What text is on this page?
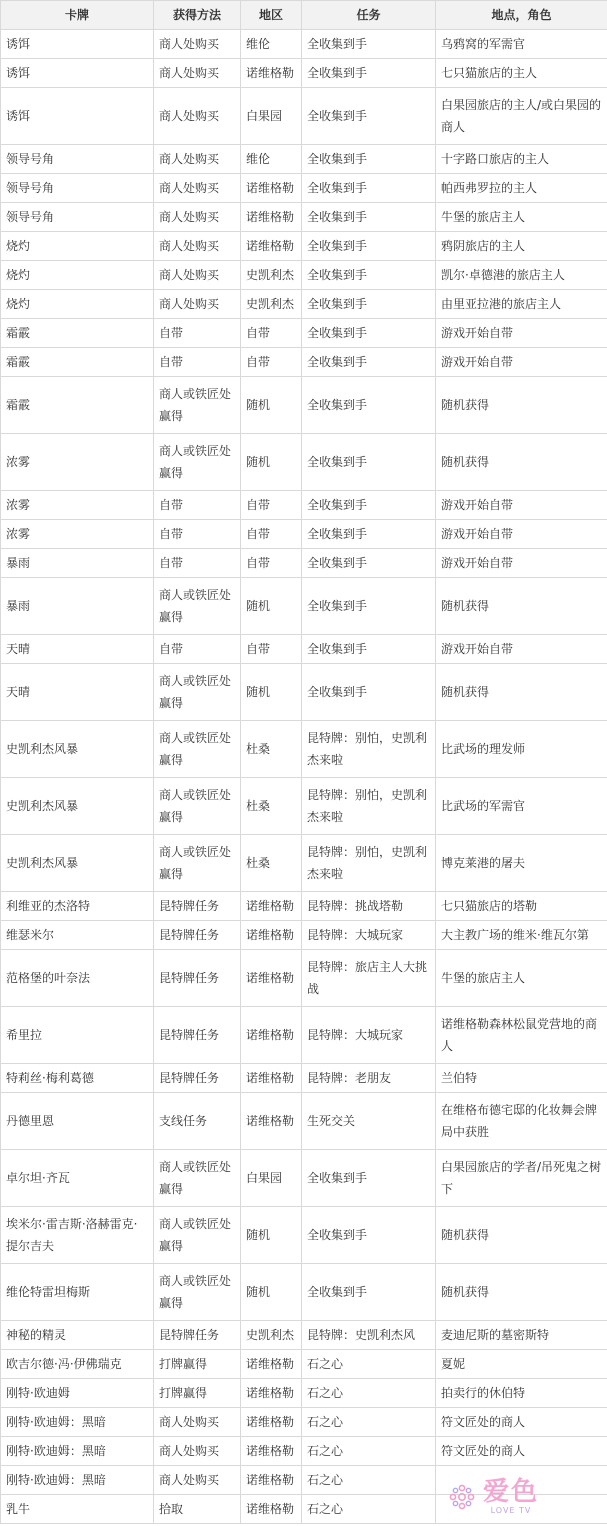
卡牌	获得方法	地区	任务	地点，角色
诱饵	商人处购买	维伦	全收集到手	乌鸦窝的军需官
诱饵	商人处购买	诺维格勒	全收集到手	七只猫旅店的主人
诱饵	商人处购买	白果园	全收集到手	白果园旅店的主人/或白果园的商人
领导号角	商人处购买	维伦	全收集到手	十字路口旅店的主人
领导号角	商人处购买	诺维格勒	全收集到手	帕西弗罗拉的主人
领导号角	商人处购买	诺维格勒	全收集到手	牛堡的旅店主人
烧灼	商人处购买	诺维格勒	全收集到手	鸦阴旅店的主人
烧灼	商人处购买	史凯利杰	全收集到手	凯尔·卓德港的旅店主人
烧灼	商人处购买	史凯利杰	全收集到手	由里亚拉港的旅店主人
霜霰	自带	自带	全收集到手	游戏开始自带
霜霰	自带	自带	全收集到手	游戏开始自带
霜霰	商人或铁匠处赢得	随机	全收集到手	随机获得
浓雾	商人或铁匠处赢得	随机	全收集到手	随机获得
浓雾	自带	自带	全收集到手	游戏开始自带
浓雾	自带	自带	全收集到手	游戏开始自带
暴雨	自带	自带	全收集到手	游戏开始自带
暴雨	商人或铁匠处赢得	随机	全收集到手	随机获得
天晴	自带	自带	全收集到手	游戏开始自带
天晴	商人或铁匠处赢得	随机	全收集到手	随机获得
史凯利杰风暴	商人或铁匠处赢得	杜桑	昆特牌：别怕，史凯利杰来啦	比武场的理发师
史凯利杰风暴	商人或铁匠处赢得	杜桑	昆特牌：别怕，史凯利杰来啦	比武场的军需官
史凯利杰风暴	商人或铁匠处赢得	杜桑	昆特牌：别怕，史凯利杰来啦	博克莱港的屠夫
利维亚的杰洛特	昆特牌任务	诺维格勒	昆特牌：挑战塔勒	七只猫旅店的塔勒
维瑟米尔	昆特牌任务	诺维格勒	昆特牌：大城玩家	大主教广场的维米·维瓦尔第
范格堡的叶奈法	昆特牌任务	诺维格勒	昆特牌：旅店主人大挑战	牛堡的旅店主人
希里拉	昆特牌任务	诺维格勒	昆特牌：大城玩家	诺维格勒森林松鼠党营地的商人
特莉丝·梅利葛德	昆特牌任务	诺维格勒	昆特牌：老朋友	兰伯特
丹德里恩	支线任务	诺维格勒	生死交关	在维格布德宅邸的化妆舞会牌局中获胜
卓尔坦·齐瓦	商人或铁匠处赢得	白果园	全收集到手	白果园旅店的学者/吊死鬼之树下
埃米尔·雷吉斯·洛赫雷克·提尔吉夫	商人或铁匠处赢得	随机	全收集到手	随机获得
维伦特雷坦梅斯	商人或铁匠处赢得	随机	全收集到手	随机获得
神秘的精灵	昆特牌任务	史凯利杰	昆特牌：史凯利杰风	麦迪尼斯的墓密斯特
欧吉尔德·冯·伊佛瑞克	打牌赢得	诺维格勒	石之心	夏妮
刚特·欧迪姆	打牌赢得	诺维格勒	石之心	拍卖行的休伯特
刚特·欧迪姆：黑暗	商人处购买	诺维格勒	石之心	符文匠处的商人
刚特·欧迪姆：黑暗	商人处购买	诺维格勒	石之心	符文匠处的商人
刚特·欧迪姆：黑暗	商人处购买	诺维格勒	石之心	
乳牛	拾取	诺维格勒	石之心	
爱色
LOVE TV
